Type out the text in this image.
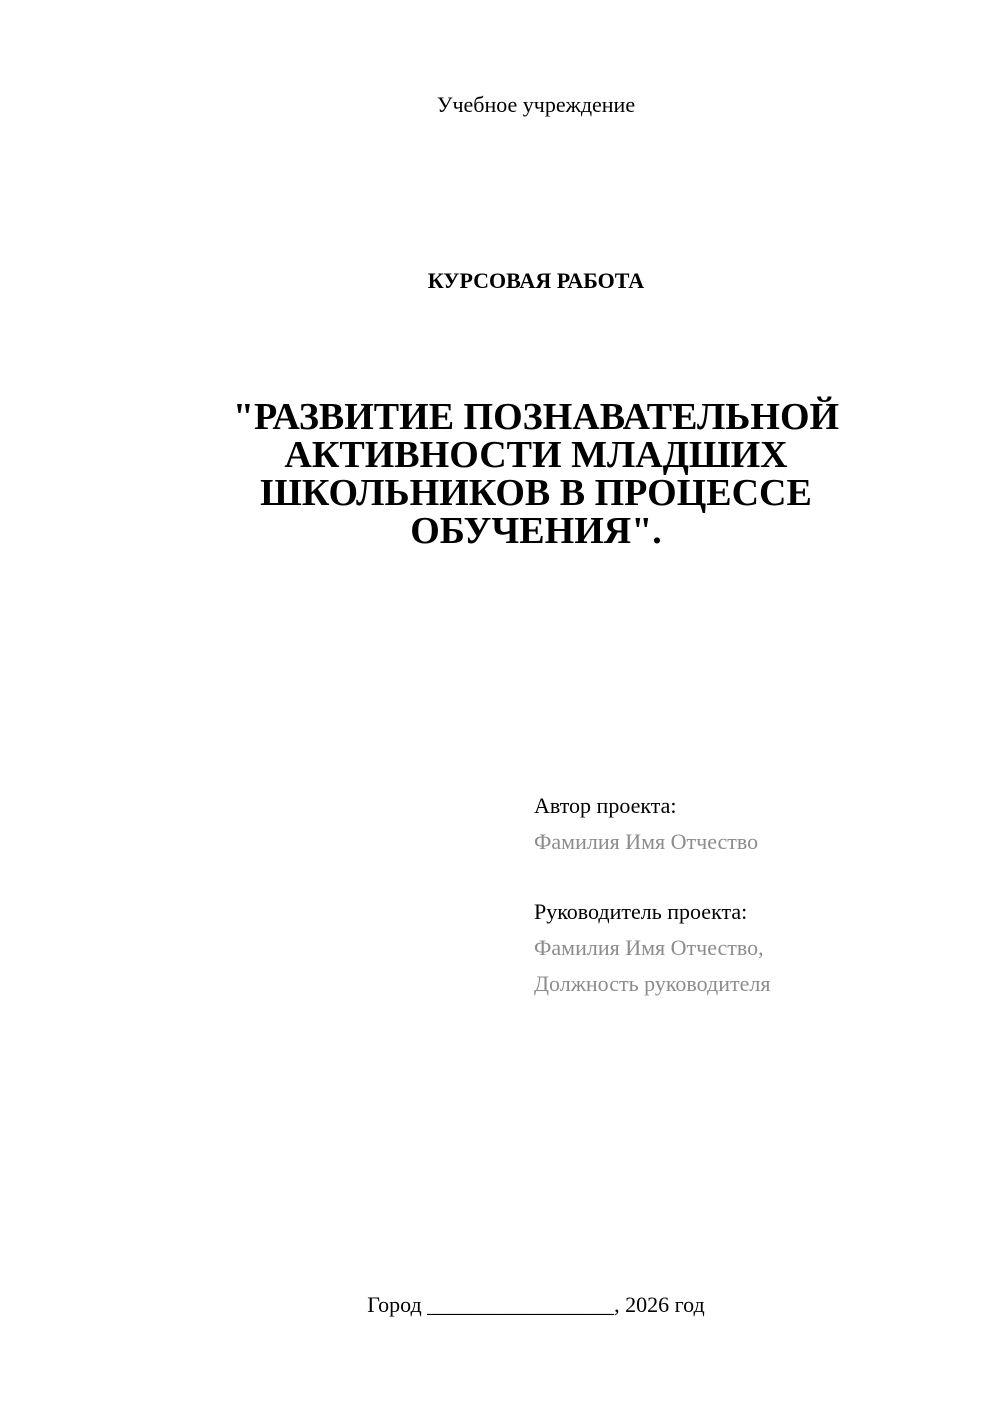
Учебное учреждение
КУРСОВАЯ РАБОТА
"РАЗВИТИЕ ПОЗНАВАТЕЛЬНОЙ
АКТИВНОСТИ МЛАДШИХ
ШКОЛЬНИКОВ В ПРОЦЕССЕ
ОБУЧЕНИЯ".
Автор проекта:
Фамилия Имя Отчество
Руководитель проекта:
Фамилия Имя Отчество,
Должность руководителя
Город _________________, 2026 год
